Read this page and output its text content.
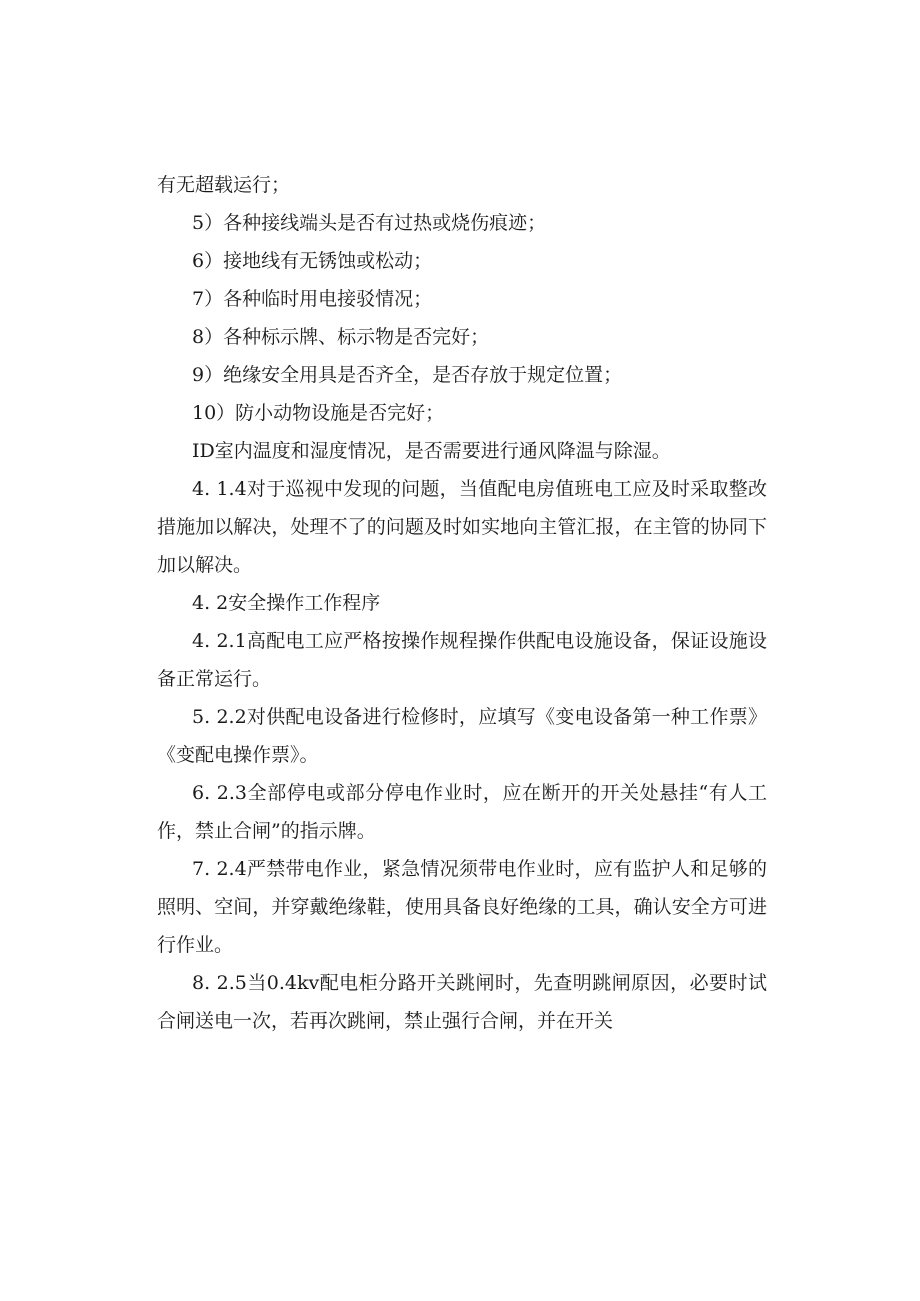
有无超载运行；

5）各种接线端头是否有过热或烧伤痕迹；

6）接地线有无锈蚀或松动；

7）各种临时用电接驳情况；

8）各种标示牌、标示物是否完好；

9）绝缘安全用具是否齐全，是否存放于规定位置；

10）防小动物设施是否完好；

ID室内温度和湿度情况，是否需要进行通风降温与除湿。

4. 1.4对于巡视中发现的问题，当值配电房值班电工应及时采取整改措施加以解决，处理不了的问题及时如实地向主管汇报，在主管的协同下加以解决。

4. 2安全操作工作程序

4. 2.1高配电工应严格按操作规程操作供配电设施设备，保证设施设备正常运行。

5. 2.2对供配电设备进行检修时，应填写《变电设备第一种工作票》《变配电操作票》。

6. 2.3全部停电或部分停电作业时，应在断开的开关处悬挂“有人工作，禁止合闸”的指示牌。

7. 2.4严禁带电作业，紧急情况须带电作业时，应有监护人和足够的照明、空间，并穿戴绝缘鞋，使用具备良好绝缘的工具，确认安全方可进行作业。

8. 2.5当0.4kv配电柜分路开关跳闸时，先查明跳闸原因，必要时试合闸送电一次，若再次跳闸，禁止强行合闸，并在开关
